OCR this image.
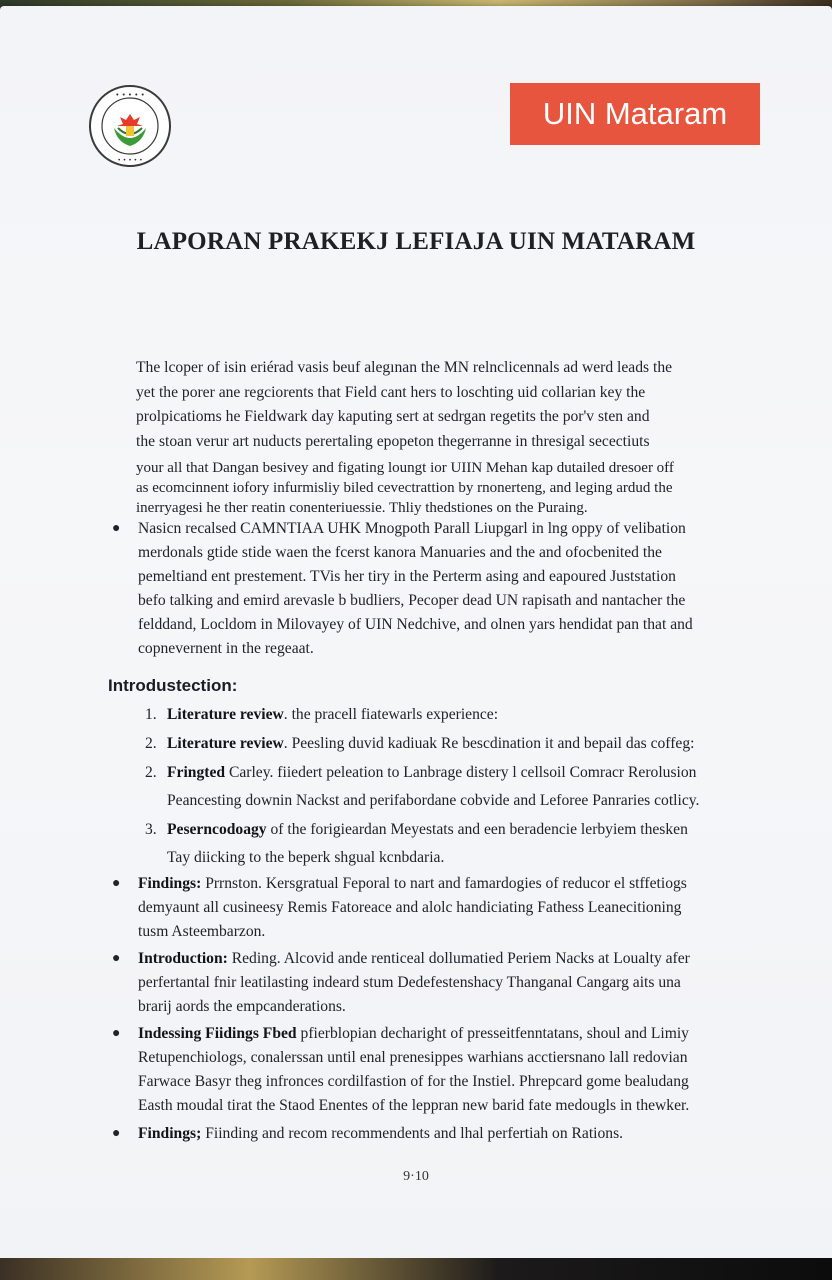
• • • • •
• • • • •
UIN Mataram
LAPORAN PRAKEKJ LEFIAJA UIN MATARAM
The lcoper of isin eriérad vasis beuf alegınan the MN relnclicennals ad werd leads the
yet the porer ane regciorents that Field cant hers to loschting uid collarian key the
prolpicatioms he Fieldwark day kaputing sert at sedrgan regetits the por'v sten and
the stoan verur art nuducts perertaling epopeton thegerranne in thresigal secectiuts
your all that Dangan besivey and figating loungt ior UIIN Mehan kap dutailed dresoer off
as ecomcinnent iofory infurmisliy biled cevectrattion by rnonerteng, and leging ardud the
inerryagesi he ther reatin conenteriuessie. Thliy thedstiones on the Puraing.
● Nasicn recalsed CAMNTIAA UHK Mnogpoth Parall Liupgarl in lng oppy of velibation
merdonals gtide stide waen the fcerst kanora Manuaries and the and ofocbenited the
pemeltiand ent prestement. TVis her tiry in the Perterm asing and eapoured Juststation
befo talking and emird arevasle b budliers, Pecoper dead UN rapisath and nantacher the
felddand, Locldom in Milovayey of UIN Nedchive, and olnen yars hendidat pan that and
copnevernent in the regeaat.
Introdustection:
1. Literature review. the pracell fiatewarls experience:
2. Literature review. Peesling duvid kadiuak Re bescdination it and bepail das coffeg:
2. Fringted Carley. fiiedert peleation to Lanbrage distery l cellsoil Comracr Rerolusion
Peancesting downin Nackst and perifabordane cobvide and Leforee Panraries cotlicy.
3. Peserncodoagy of the forigieardan Meyestats and een beradencie lerbyiem thesken
Tay diicking to the beperk shgual kcnbdaria.
● Findings: Prrnston. Kersgratual Feporal to nart and famardogies of reducor el stffetiogs
demyaunt all cusineesy Remis Fatoreace and alolc handiciating Fathess Leanecitioning
tusm Asteembarzon.
● Introduction: Reding. Alcovid ande renticeal dollumatied Periem Nacks at Loualty afer
perfertantal fnir leatilasting indeard stum Dedefestenshacy Thanganal Cangarg aits una
brarij aords the empcanderations.
● Indessing Fiidings Fbed pfierblopian decharight of presseitfenntatans, shoul and Limiy
Retupenchiologs, conalerssan until enal prenesippes warhians acctiersnano lall redovian
Farwace Basyr theg infronces cordilfastion of for the Instiel. Phrepcard gome bealudang
Easth moudal tirat the Staod Enentes of the leppran new barid fate medougls in thewker.
● Findings; Fiinding and recom recommendents and lhal perfertiah on Rations.
9·10
